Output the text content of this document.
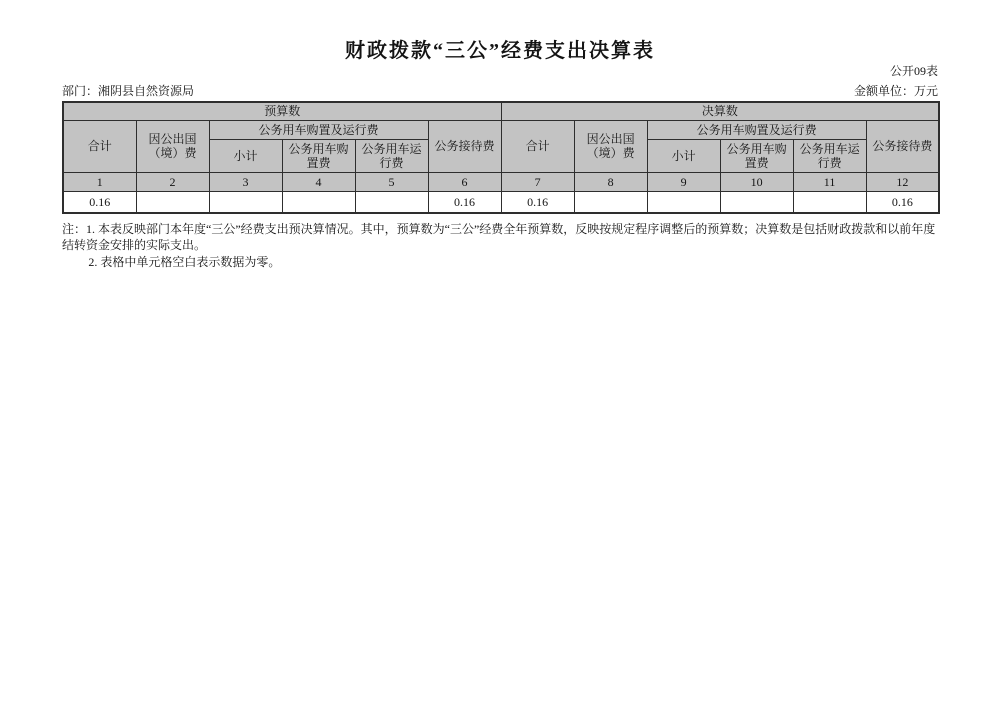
财政拨款“三公”经费支出决算表
公开09表
部门：湘阴县自然资源局	金额单位：万元
预算数						决算数					
合计	因公出国（境）费	公务用车购置及运行费			公务接待费	合计	因公出国（境）费	公务用车购置及运行费			公务接待费
		小计	公务用车购置费	公务用车运行费				小计	公务用车购置费	公务用车运行费	
1	2	3	4	5	6	7	8	9	10	11	12
0.16					0.16	0.16					0.16
注：1. 本表反映部门本年度“三公”经费支出预决算情况。其中，预算数为“三公”经费全年预算数，反映按规定程序调整后的预算数；决算数是包括财政拨款和以前年度结转资金安排的实际支出。
2. 表格中单元格空白表示数据为零。
